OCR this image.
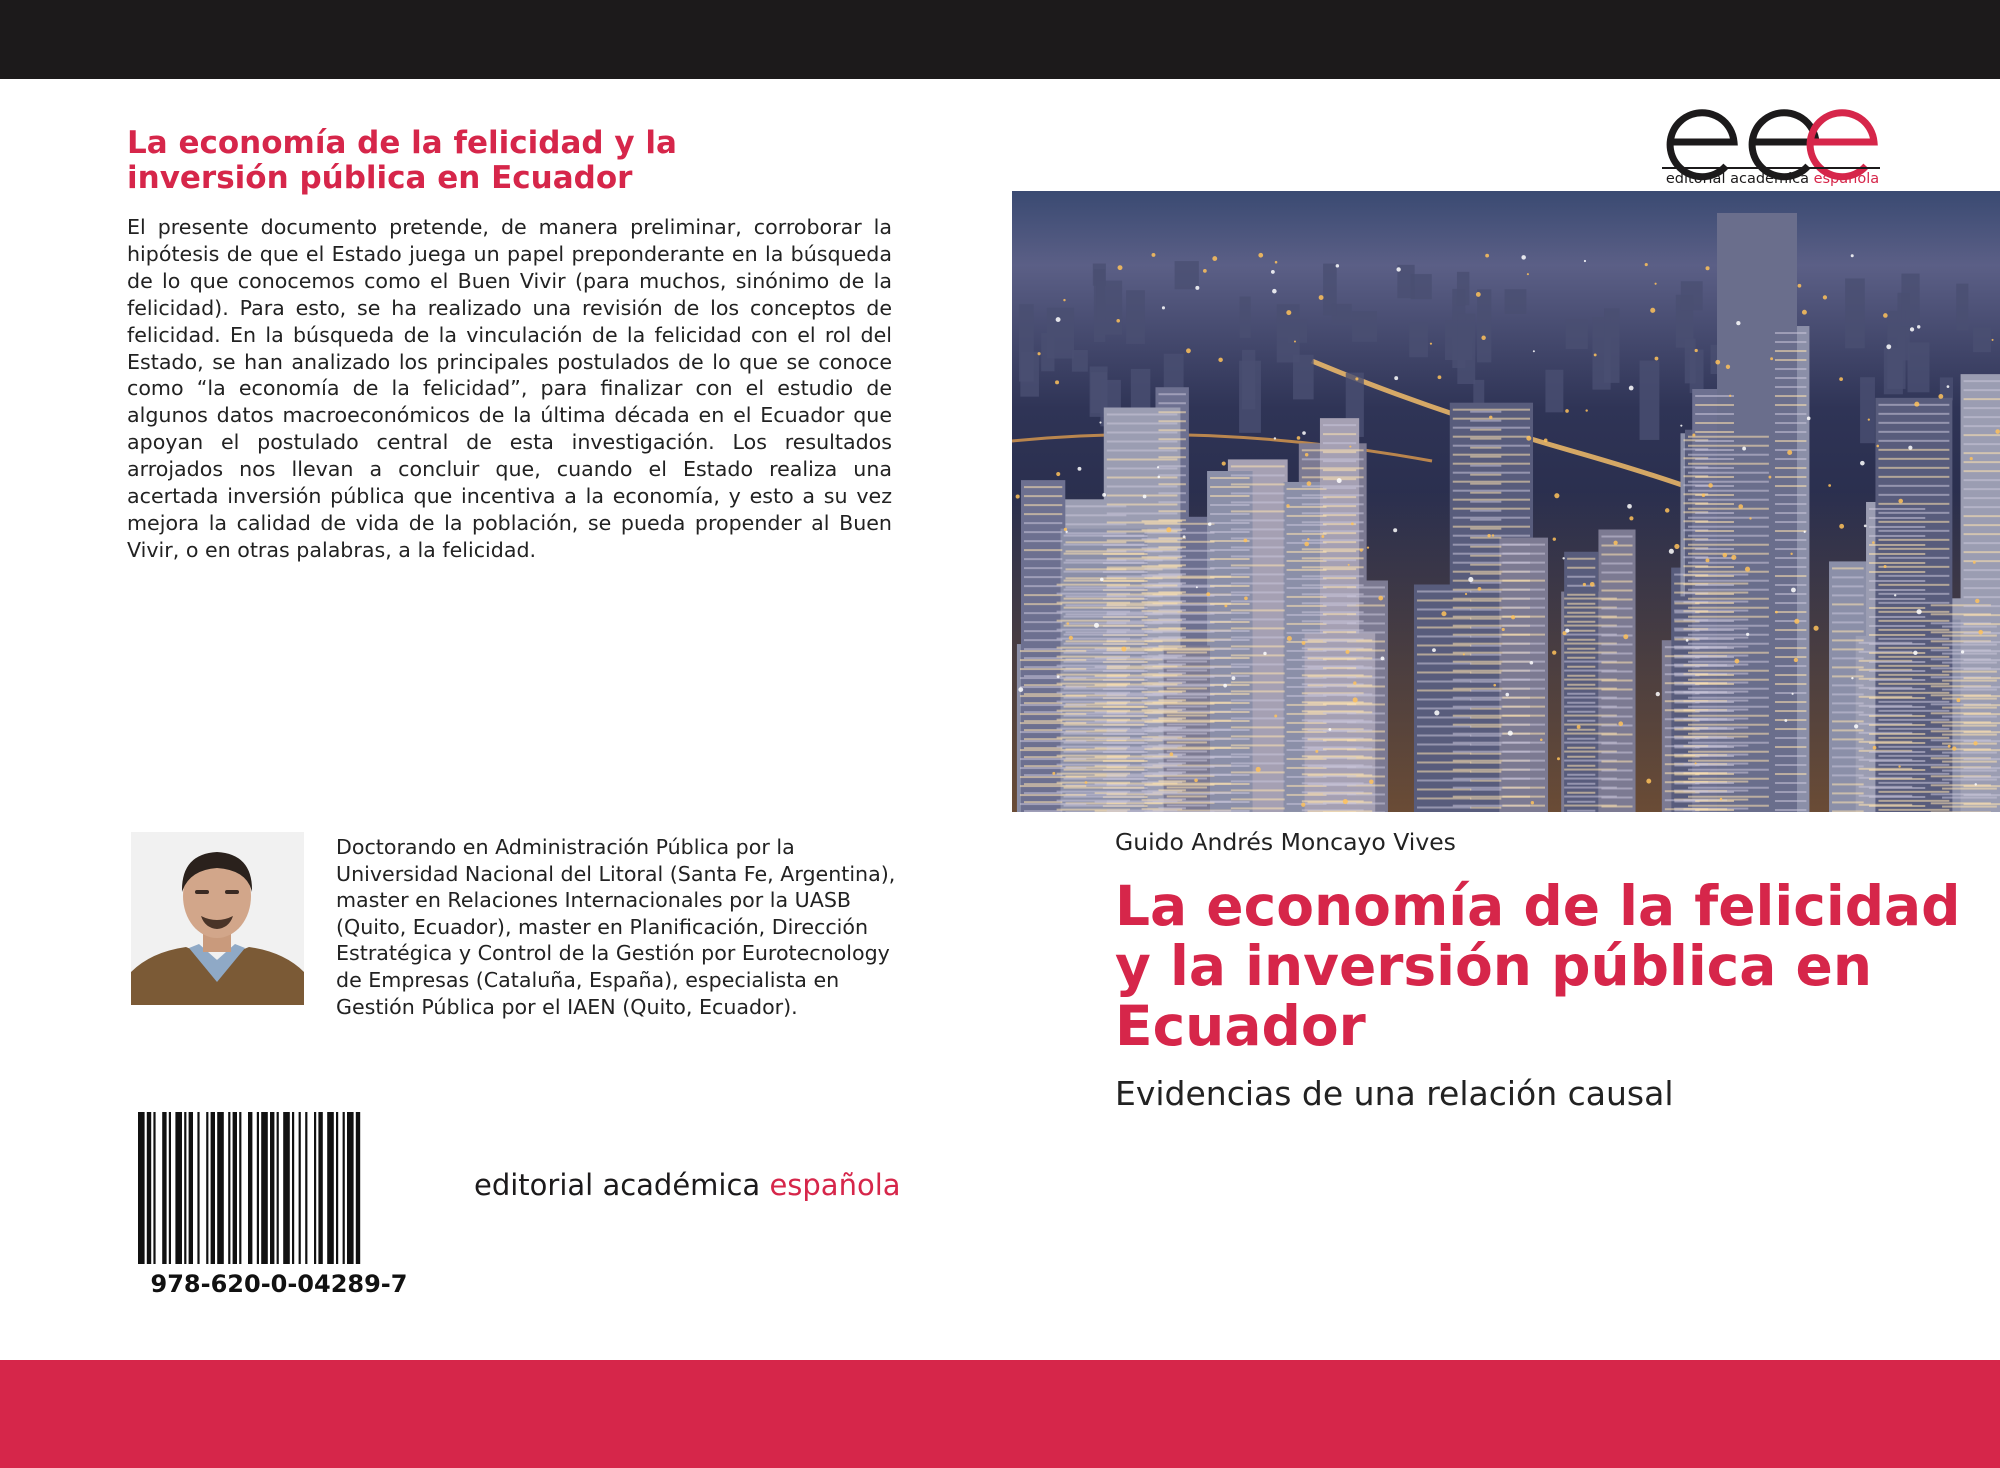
La economía de la felicidad y la inversión pública en Ecuador

El presente documento pretende, de manera preliminar, corroborar la hipótesis de que el Estado juega un papel preponderante en la búsqueda de lo que conocemos como el Buen Vivir (para muchos, sinónimo de la felicidad). Para esto, se ha realizado una revisión de los conceptos de felicidad. En la búsqueda de la vinculación de la felicidad con el rol del Estado, se han analizado los principales postulados de lo que se conoce como “la economía de la felicidad”, para finalizar con el estudio de algunos datos macroeconómicos de la última década en el Ecuador que apoyan el postulado central de esta investigación. Los resultados arrojados nos llevan a concluir que, cuando el Estado realiza una acertada inversión pública que incentiva a la economía, y esto a su vez mejora la calidad de vida de la población, se pueda propender al Buen Vivir, o en otras palabras, a la felicidad.

Doctorando en Administración Pública por la Universidad Nacional del Litoral (Santa Fe, Argentina), master en Relaciones Internacionales por la UASB (Quito, Ecuador), master en Planificación, Dirección Estratégica y Control de la Gestión por Eurotecnology de Empresas (Cataluña, España), especialista en Gestión Pública por el IAEN (Quito, Ecuador).

978-620-0-04289-7
editorial académica española
editorial académica española
Guido Andrés Moncayo Vives
La economía de la felicidad y la inversión pública en Ecuador
Evidencias de una relación causal
